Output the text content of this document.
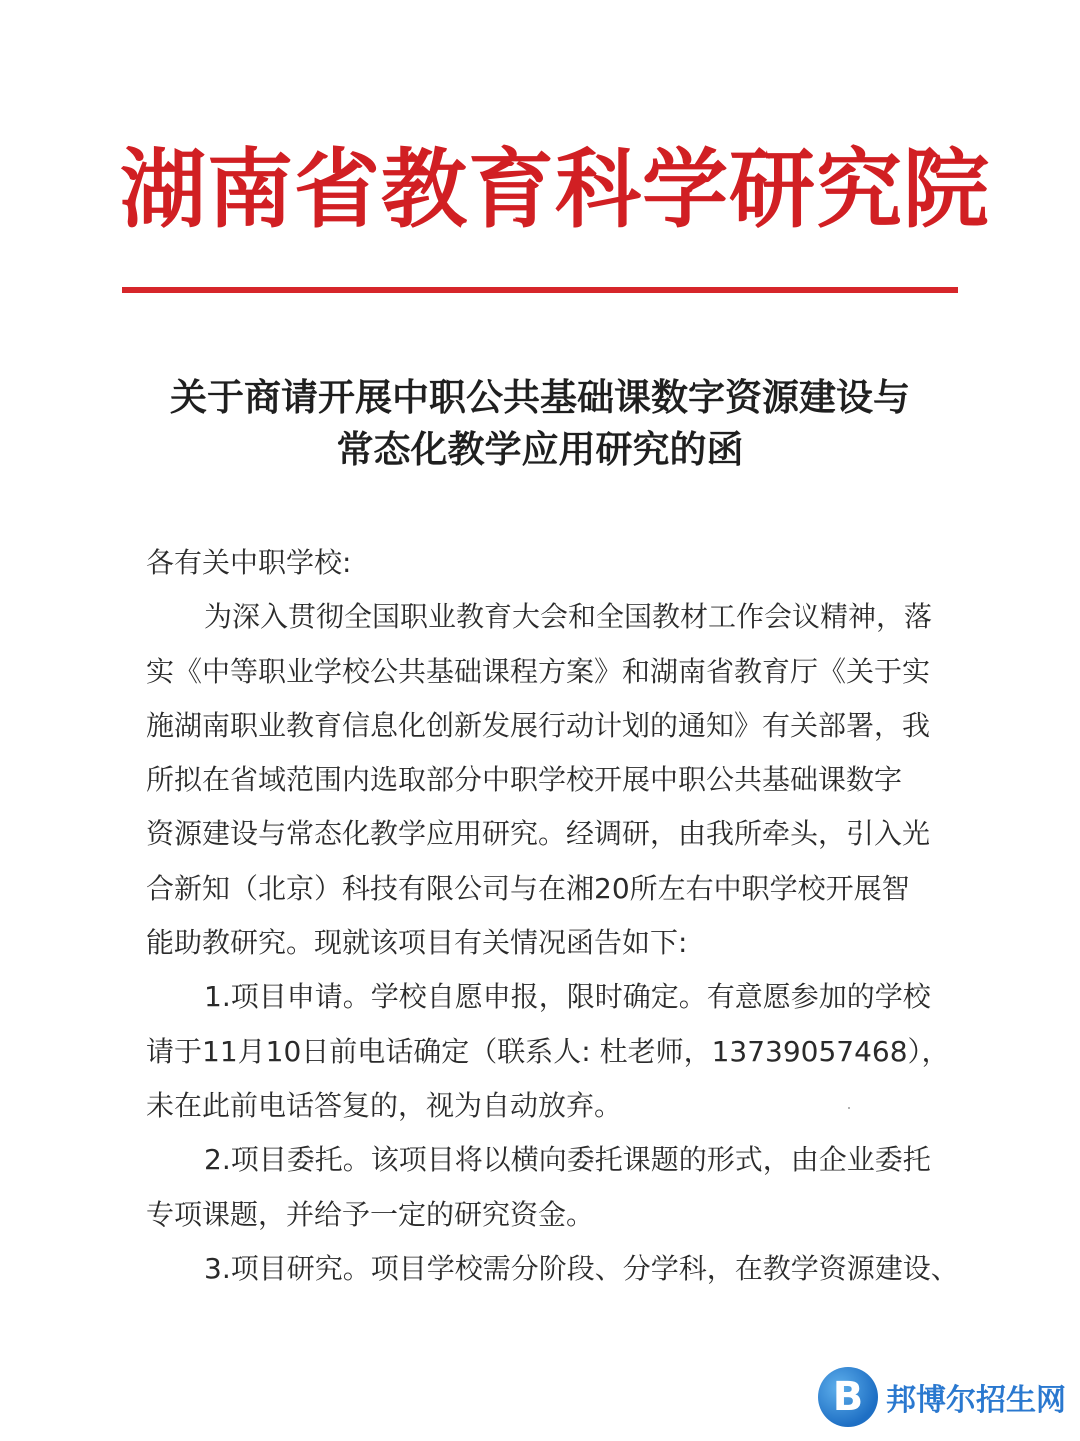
湖南省教育科学研究院
关于商请开展中职公共基础课数字资源建设与
常态化教学应用研究的函
各有关中职学校:
为深入贯彻全国职业教育大会和全国教材工作会议精神，落
实《中等职业学校公共基础课程方案》和湖南省教育厅《关于实
施湖南职业教育信息化创新发展行动计划的通知》有关部署，我
所拟在省域范围内选取部分中职学校开展中职公共基础课数字
资源建设与常态化教学应用研究。经调研，由我所牵头，引入光
合新知（北京）科技有限公司与在湘20所左右中职学校开展智
能助教研究。现就该项目有关情况函告如下:
1.项目申请。学校自愿申报，限时确定。有意愿参加的学校
请于11月10日前电话确定（联系人: 杜老师，13739057468），
未在此前电话答复的，视为自动放弃。
2.项目委托。该项目将以横向委托课题的形式，由企业委托
专项课题，并给予一定的研究资金。
3.项目研究。项目学校需分阶段、分学科，在教学资源建设、
B 邦博尔招生网
